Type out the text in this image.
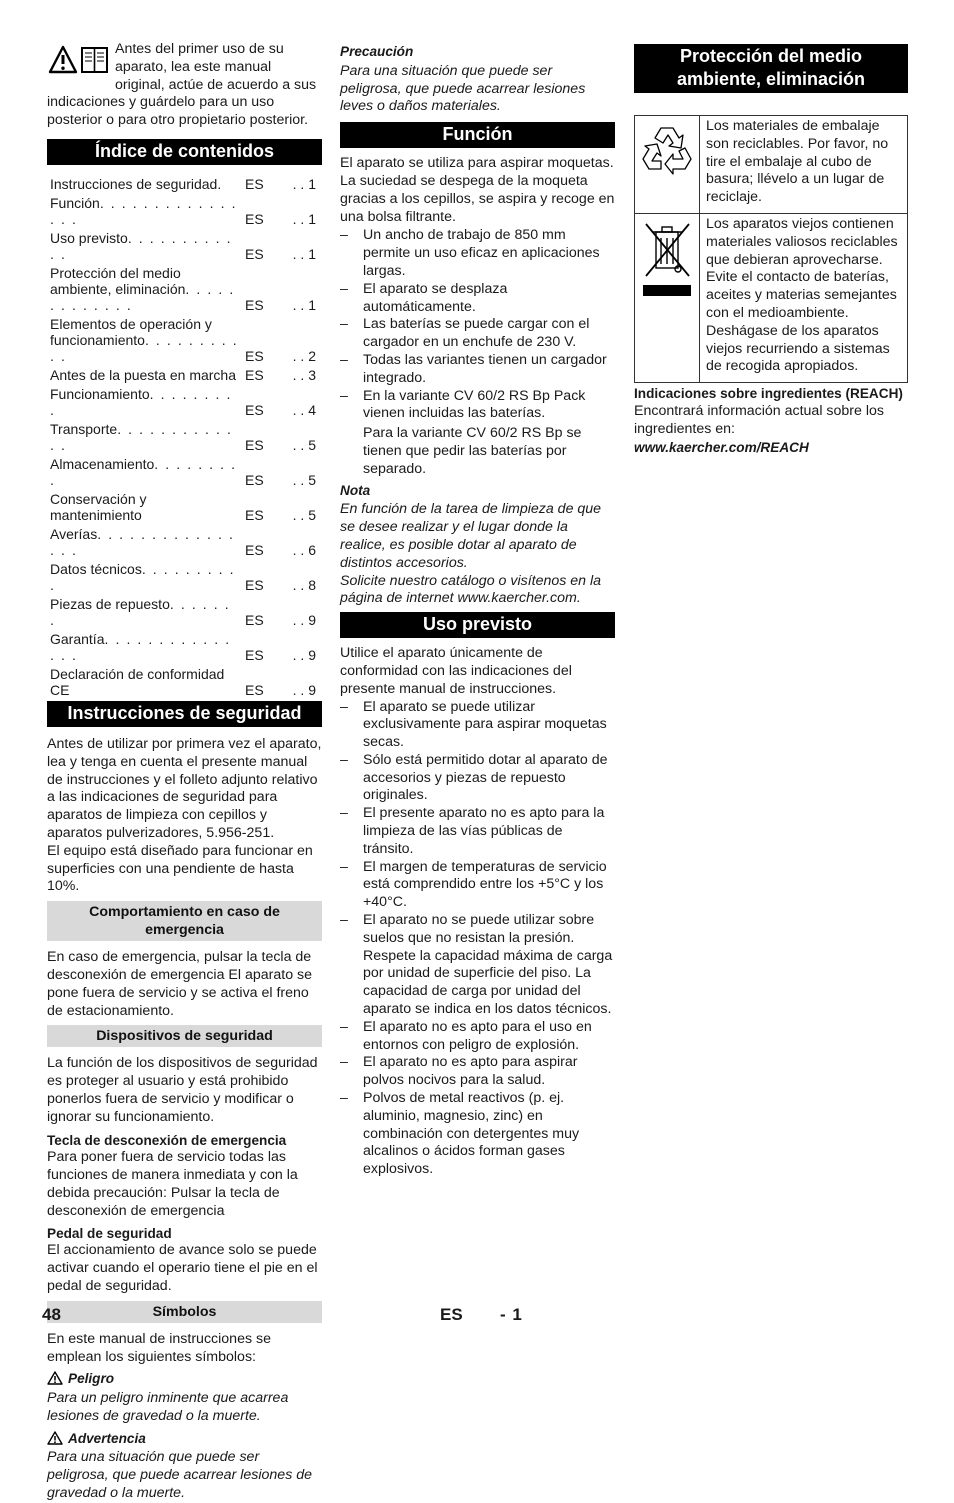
Antes del primer uso de su aparato, lea este manual original, actúe de acuerdo a sus indicaciones y guárdelo para un uso posterior o para otro propietario posterior.

Índice de contenidos
Instrucciones de seguridad.	ES	. . 1
Función. . . . . . . . . . . . . . . .	ES	. . 1
Uso previsto. . . . . . . . . . . .	ES	. . 1
Protección del medio ambiente, eliminación. . . . . . . . . . . . .	ES	. . 1
Elementos de operación y funcionamiento. . . . . . . . . . .	ES	. . 2
Antes de la puesta en marcha	ES	. . 3
Funcionamiento. . . . . . . . .	ES	. . 4
Transporte. . . . . . . . . . . . .	ES	. . 5
Almacenamiento. . . . . . . . .	ES	. . 5
Conservación y mantenimiento	ES	. . 5
Averías. . . . . . . . . . . . . . . .	ES	. . 6
Datos técnicos. . . . . . . . . .	ES	. . 8
Piezas de repuesto. . . . . . .	ES	. . 9
Garantía. . . . . . . . . . . . . . .	ES	. . 9
Declaración de conformidad CE	ES	. . 9
Instrucciones de seguridad

Antes de utilizar por primera vez el aparato, lea y tenga en cuenta el presente manual de instrucciones y el folleto adjunto relativo a las indicaciones de seguridad para aparatos de limpieza con cepillos y aparatos pulverizadores, 5.956-251.

El equipo está diseñado para funcionar en superficies con una pendiente de hasta 10%.

Comportamiento en caso de emergencia

En caso de emergencia, pulsar la tecla de desconexión de emergencia El aparato se pone fuera de servicio y se activa el freno de estacionamiento.

Dispositivos de seguridad

La función de los dispositivos de seguridad es proteger al usuario y está prohibido ponerlos fuera de servicio y modificar o ignorar su funcionamiento.

Tecla de desconexión de emergencia

Para poner fuera de servicio todas las funciones de manera inmediata y con la debida precaución: Pulsar la tecla de desconexión de emergencia

Pedal de seguridad

El accionamiento de avance solo se puede activar cuando el operario tiene el pie en el pedal de seguridad.

Símbolos

En este manual de instrucciones se emplean los siguientes símbolos:

Peligro

Para un peligro inminente que acarrea lesiones de gravedad o la muerte.

Advertencia

Para una situación que puede ser peligrosa, que puede acarrear lesiones de gravedad o la muerte.

Precaución

Para una situación que puede ser peligrosa, que puede acarrear lesiones leves o daños materiales.

Función

El aparato se utiliza para aspirar moquetas. La suciedad se despega de la moqueta gracias a los cepillos, se aspira y recoge en una bolsa filtrante.

– Un ancho de trabajo de 850 mm permite un uso eficaz en aplicaciones largas.
– El aparato se desplaza automáticamente.
– Las baterías se puede cargar con el cargador en un enchufe de 230 V.
– Todas las variantes tienen un cargador integrado.
– En la variante CV 60/2 RS Bp Pack vienen incluidas las baterías.

Para la variante CV 60/2 RS Bp se tienen que pedir las baterías por separado.

Nota

En función de la tarea de limpieza de que se desee realizar y el lugar donde la realice, es posible dotar al aparato de distintos accesorios.

Solicite nuestro catálogo o visítenos en la página de internet www.kaercher.com.

Uso previsto

Utilice el aparato únicamente de conformidad con las indicaciones del presente manual de instrucciones.

– El aparato se puede utilizar exclusivamente para aspirar moquetas secas.
– Sólo está permitido dotar al aparato de accesorios y piezas de repuesto originales.
– El presente aparato no es apto para la limpieza de las vías públicas de tránsito.
– El margen de temperaturas de servicio está comprendido entre los +5°C y los +40°C.
– El aparato no se puede utilizar sobre suelos que no resistan la presión. Respete la capacidad máxima de carga por unidad de superficie del piso. La capacidad de carga por unidad del aparato se indica en los datos técnicos.
– El aparato no es apto para el uso en entornos con peligro de explosión.
– El aparato no es apto para aspirar polvos nocivos para la salud.
– Polvos de metal reactivos (p. ej. aluminio, magnesio, zinc) en combinación con detergentes muy alcalinos o ácidos forman gases explosivos.
Protección del medio ambiente, eliminación
	Los materiales de embalaje son reciclables. Por favor, no tire el embalaje al cubo de basura; llévelo a un lugar de reciclaje.
	Los aparatos viejos contienen materiales valiosos reciclables que debieran aprovecharse. Evite el contacto de baterías, aceites y materias semejantes con el medioambiente. Deshágase de los aparatos viejos recurriendo a sistemas de recogida apropiados.

Indicaciones sobre ingredientes (REACH)

Encontrará información actual sobre los ingredientes en:

www.kaercher.com/REACH

48	ES - 1
